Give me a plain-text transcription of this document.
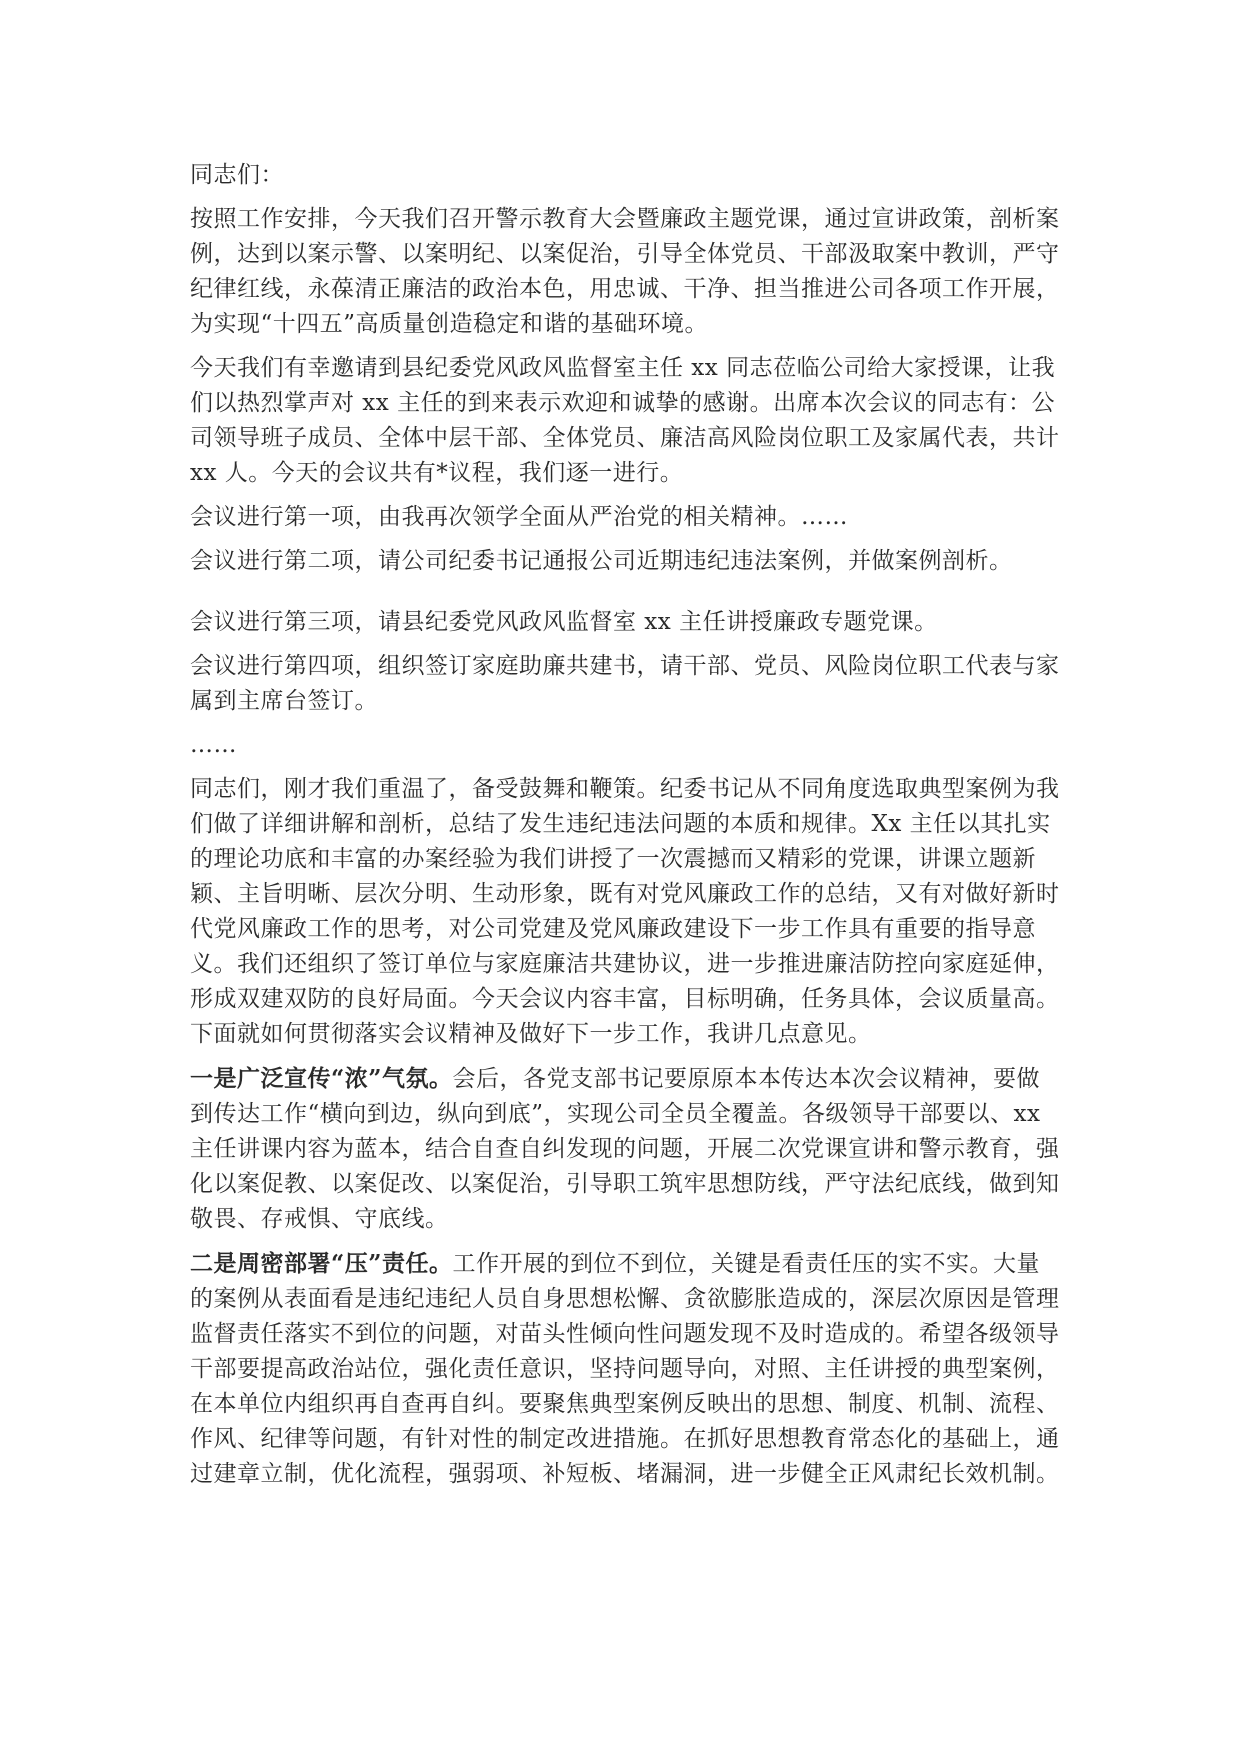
同志们：

按照工作安排，今天我们召开警示教育大会暨廉政主题党课，通过宣讲政策，剖析案例，达到以案示警、以案明纪、以案促治，引导全体党员、干部汲取案中教训，严守纪律红线，永葆清正廉洁的政治本色，用忠诚、干净、担当推进公司各项工作开展，为实现“十四五”高质量创造稳定和谐的基础环境。

今天我们有幸邀请到县纪委党风政风监督室主任 xx 同志莅临公司给大家授课，让我们以热烈掌声对 xx 主任的到来表示欢迎和诚挚的感谢。出席本次会议的同志有：公司领导班子成员、全体中层干部、全体党员、廉洁高风险岗位职工及家属代表，共计 xx 人。今天的会议共有*议程，我们逐一进行。

会议进行第一项，由我再次领学全面从严治党的相关精神。……

会议进行第二项，请公司纪委书记通报公司近期违纪违法案例，并做案例剖析。

会议进行第三项，请县纪委党风政风监督室 xx 主任讲授廉政专题党课。

会议进行第四项，组织签订家庭助廉共建书，请干部、党员、风险岗位职工代表与家属到主席台签订。

……

同志们，刚才我们重温了，备受鼓舞和鞭策。纪委书记从不同角度选取典型案例为我们做了详细讲解和剖析，总结了发生违纪违法问题的本质和规律。Xx 主任以其扎实的理论功底和丰富的办案经验为我们讲授了一次震撼而又精彩的党课，讲课立题新颖、主旨明晰、层次分明、生动形象，既有对党风廉政工作的总结，又有对做好新时代党风廉政工作的思考，对公司党建及党风廉政建设下一步工作具有重要的指导意义。我们还组织了签订单位与家庭廉洁共建协议，进一步推进廉洁防控向家庭延伸，形成双建双防的良好局面。今天会议内容丰富，目标明确，任务具体，会议质量高。下面就如何贯彻落实会议精神及做好下一步工作，我讲几点意见。

一是广泛宣传“浓”气氛。会后，各党支部书记要原原本本传达本次会议精神，要做到传达工作“横向到边，纵向到底”，实现公司全员全覆盖。各级领导干部要以、xx 主任讲课内容为蓝本，结合自查自纠发现的问题，开展二次党课宣讲和警示教育，强化以案促教、以案促改、以案促治，引导职工筑牢思想防线，严守法纪底线，做到知敬畏、存戒惧、守底线。

二是周密部署“压”责任。工作开展的到位不到位，关键是看责任压的实不实。大量的案例从表面看是违纪违纪人员自身思想松懈、贪欲膨胀造成的，深层次原因是管理监督责任落实不到位的问题，对苗头性倾向性问题发现不及时造成的。希望各级领导干部要提高政治站位，强化责任意识，坚持问题导向，对照、主任讲授的典型案例，在本单位内组织再自查再自纠。要聚焦典型案例反映出的思想、制度、机制、流程、作风、纪律等问题，有针对性的制定改进措施。在抓好思想教育常态化的基础上，通过建章立制，优化流程，强弱项、补短板、堵漏洞，进一步健全正风肃纪长效机制。
